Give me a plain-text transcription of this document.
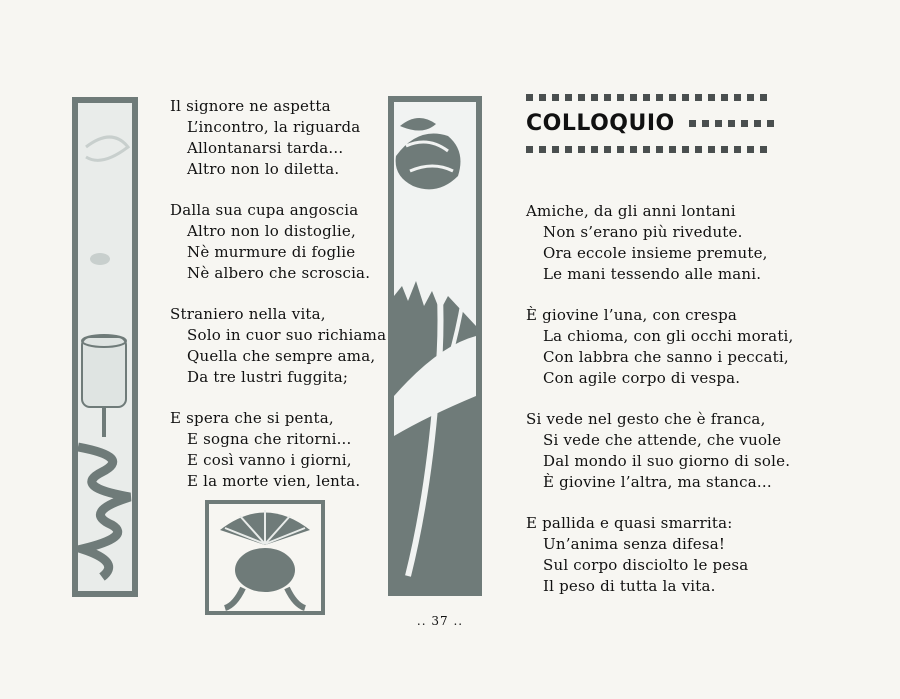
Il signore ne aspetta
L’incontro, la riguarda
Allontanarsi tarda...
Altro non lo diletta.
Dalla sua cupa angoscia
Altro non lo distoglie,
Nè murmure di foglie
Nè albero che scroscia.
Straniero nella vita,
Solo in cuor suo richiama
Quella che sempre ama,
Da tre lustri fuggita;
E spera che si penta,
E sogna che ritorni...
E così vanno i giorni,
E la morte vien, lenta.
COLLOQUIO
Amiche, da gli anni lontani
Non s’erano più rivedute.
Ora eccole insieme premute,
Le mani tessendo alle mani.
È giovine l’una, con crespa
La chioma, con gli occhi morati,
Con labbra che sanno i peccati,
Con agile corpo di vespa.
Si vede nel gesto che è franca,
Si vede che attende, che vuole
Dal mondo il suo giorno di sole.
È giovine l’altra, ma stanca...
E pallida e quasi smarrita:
Un’anima senza difesa!
Sul corpo disciolto le pesa
Il peso di tutta la vita.
.. 37 ..
